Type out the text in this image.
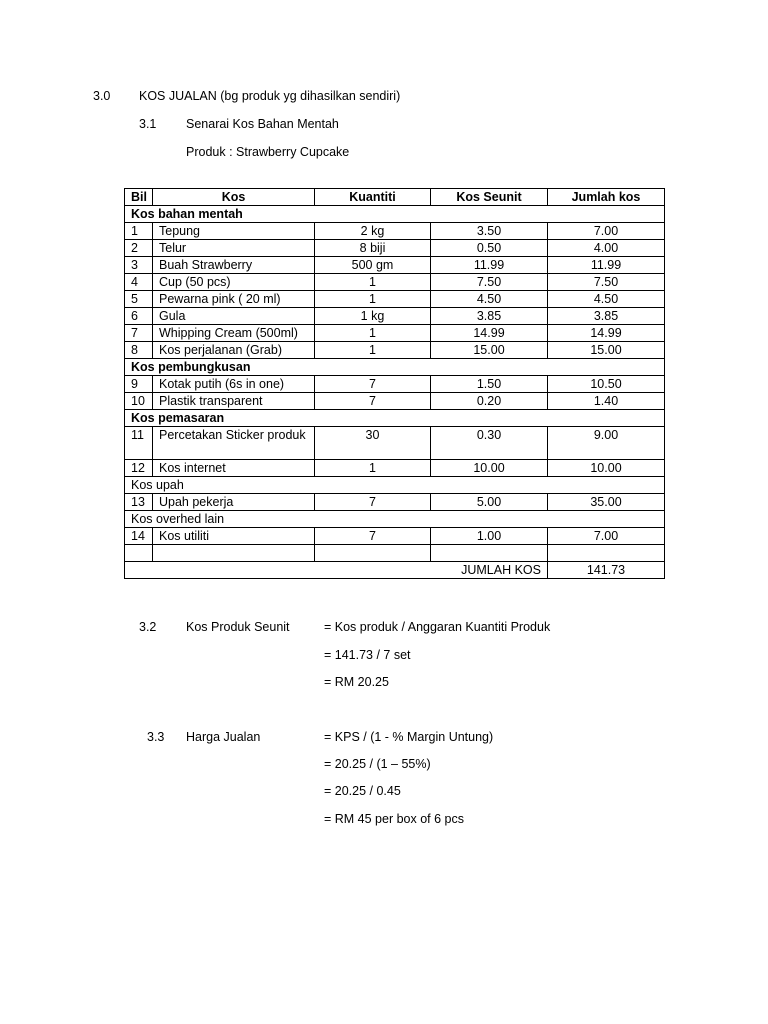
3.0 KOS JUALAN (bg produk yg dihasilkan sendiri)
3.1 Senarai Kos Bahan Mentah
Produk : Strawberry Cupcake
Bil	Kos	Kuantiti	Kos Seunit	Jumlah kos
Kos bahan mentah				
1	Tepung	2 kg	3.50	7.00
2	Telur	8 biji	0.50	4.00
3	Buah Strawberry	500 gm	11.99	11.99
4	Cup (50 pcs)	1	7.50	7.50
5	Pewarna pink ( 20 ml)	1	4.50	4.50
6	Gula	1 kg	3.85	3.85
7	Whipping Cream (500ml)	1	14.99	14.99
8	Kos perjalanan (Grab)	1	15.00	15.00
Kos pembungkusan				
9	Kotak putih (6s in one)	7	1.50	10.50
10	Plastik transparent	7	0.20	1.40
Kos pemasaran				
11	Percetakan Sticker produk	30	0.30	9.00
12	Kos internet	1	10.00	10.00
Kos upah				
13	Upah pekerja	7	5.00	35.00
Kos overhed lain				
14	Kos utiliti	7	1.00	7.00

			JUMLAH KOS	141.73
3.2 Kos Produk Seunit	= Kos produk / Anggaran Kuantiti Produk
= 141.73 / 7 set
= RM 20.25
3.3 Harga Jualan	= KPS / (1 - % Margin Untung)
= 20.25 / (1 – 55%)
= 20.25 / 0.45
= RM 45 per box of 6 pcs
